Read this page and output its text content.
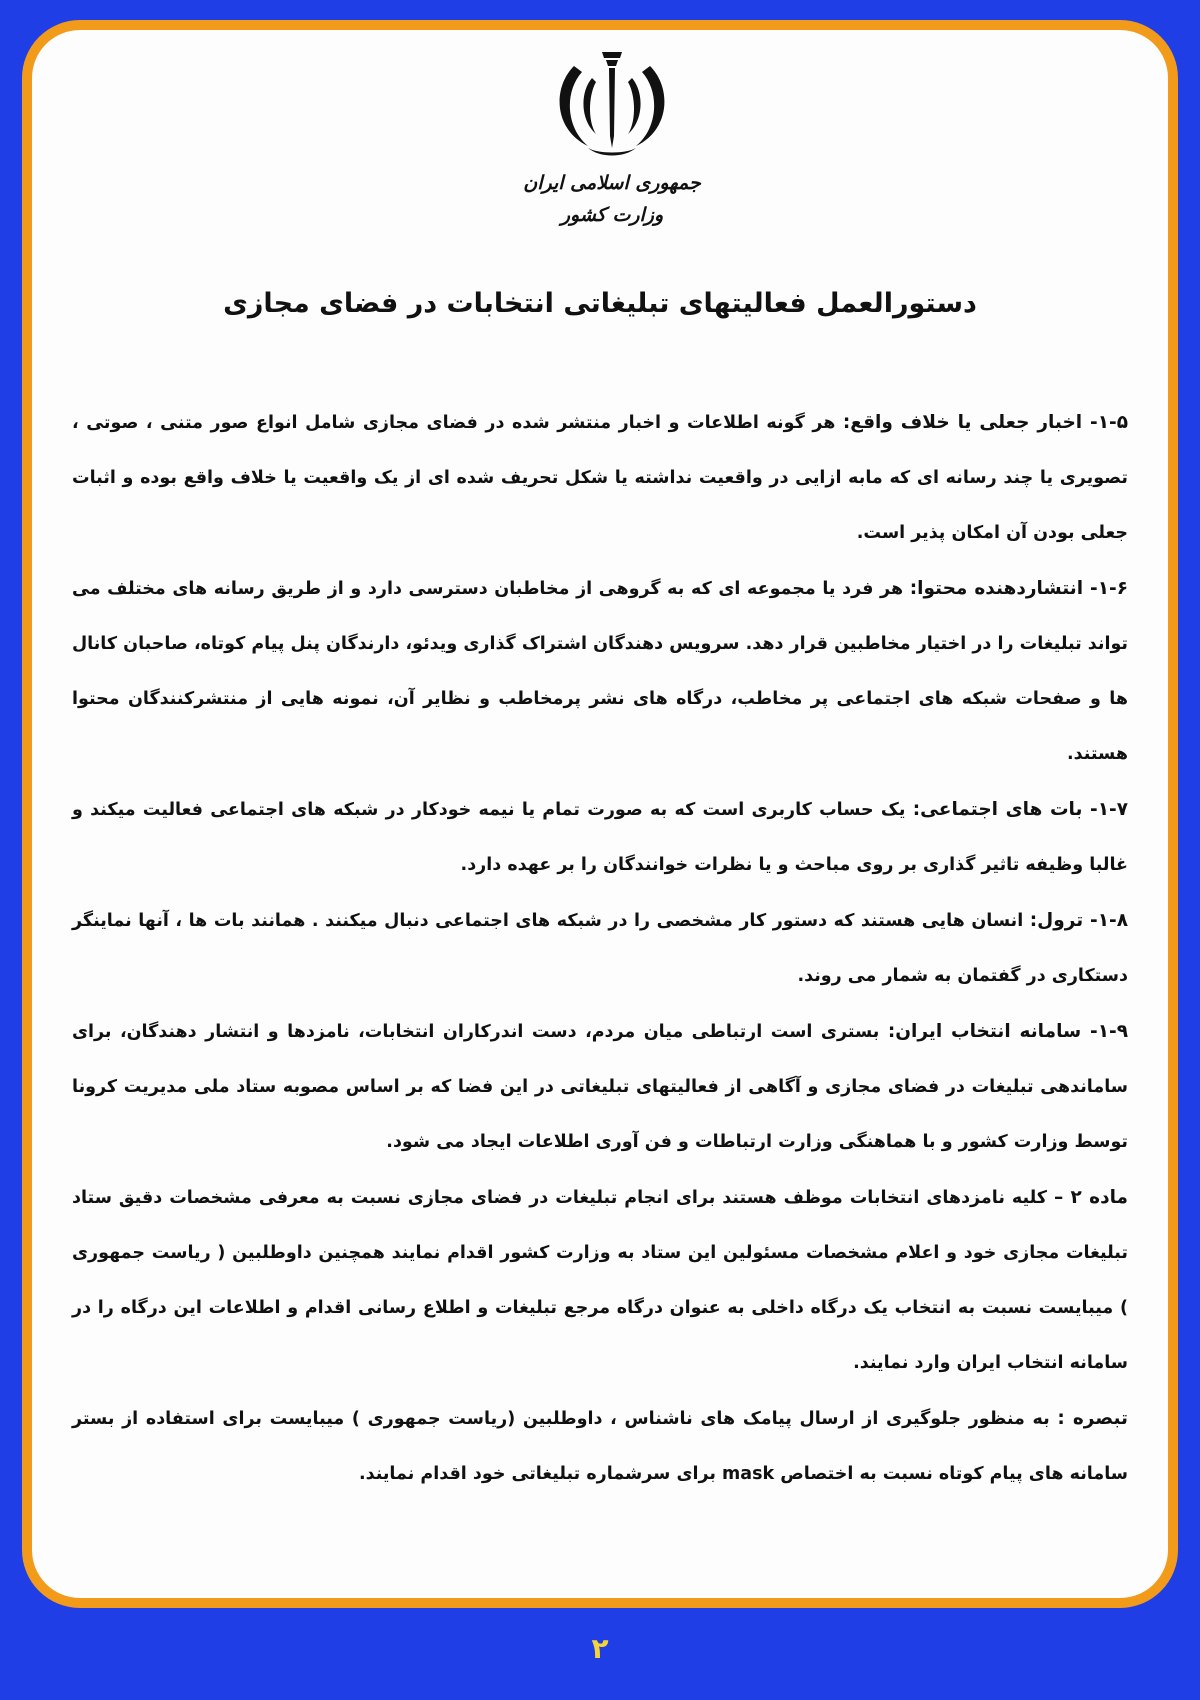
جمهوری اسلامی ایران
وزارت کشور
دستورالعمل فعالیتهای تبلیغاتی انتخابات در فضای مجازی

۱-۵- اخبار جعلی یا خلاف واقع: هر گونه اطلاعات و اخبار منتشر شده در فضای مجازی شامل انواع صور متنی ، صوتی ، تصویری یا چند رسانه ای که مابه ازایی در واقعیت نداشته یا شکل تحریف شده ای از یک واقعیت یا خلاف واقع بوده و اثبات جعلی بودن آن امکان پذیر است.

۱-۶- انتشاردهنده محتوا: هر فرد یا مجموعه ای که به گروهی از مخاطبان دسترسی دارد و از طریق رسانه های مختلف می تواند تبلیغات را در اختیار مخاطبین قرار دهد. سرویس دهندگان اشتراک گذاری ویدئو، دارندگان پنل پیام کوتاه، صاحبان کانال ها و صفحات شبکه های اجتماعی پر مخاطب، درگاه های نشر پرمخاطب و نظایر آن، نمونه هایی از منتشرکنندگان محتوا هستند.

۱-۷- بات های اجتماعی: یک حساب کاربری است که به صورت تمام یا نیمه خودکار در شبکه های اجتماعی فعالیت میکند و غالبا وظیفه تاثیر گذاری بر روی مباحث و یا نظرات خوانندگان را بر عهده دارد.

۱-۸- ترول: انسان هایی هستند که دستور کار مشخصی را در شبکه های اجتماعی دنبال میکنند . همانند بات ها ، آنها نماینگر دستکاری در گفتمان به شمار می روند.

۱-۹- سامانه انتخاب ایران: بستری است ارتباطی میان مردم، دست اندرکاران انتخابات، نامزدها و انتشار دهندگان، برای ساماندهی تبلیغات در فضای مجازی و آگاهی از فعالیتهای تبلیغاتی در این فضا که بر اساس مصوبه ستاد ملی مدیریت کرونا توسط وزارت کشور و با هماهنگی وزارت ارتباطات و فن آوری اطلاعات ایجاد می شود.

ماده ۲ – کلیه نامزدهای انتخابات موظف هستند برای انجام تبلیغات در فضای مجازی نسبت به معرفی مشخصات دقیق ستاد تبلیغات مجازی خود و اعلام مشخصات مسئولین این ستاد به وزارت کشور اقدام نمایند همچنین داوطلبین ( ریاست جمهوری ) میبایست نسبت به انتخاب یک درگاه داخلی به عنوان درگاه مرجع تبلیغات و اطلاع رسانی اقدام و اطلاعات این درگاه را در سامانه انتخاب ایران وارد نمایند.

تبصره : به منظور جلوگیری از ارسال پیامک های ناشناس ، داوطلبین (ریاست جمهوری ) میبایست برای استفاده از بستر سامانه های پیام کوتاه نسبت به اختصاص mask برای سرشماره تبلیغاتی خود اقدام نمایند.

۲
